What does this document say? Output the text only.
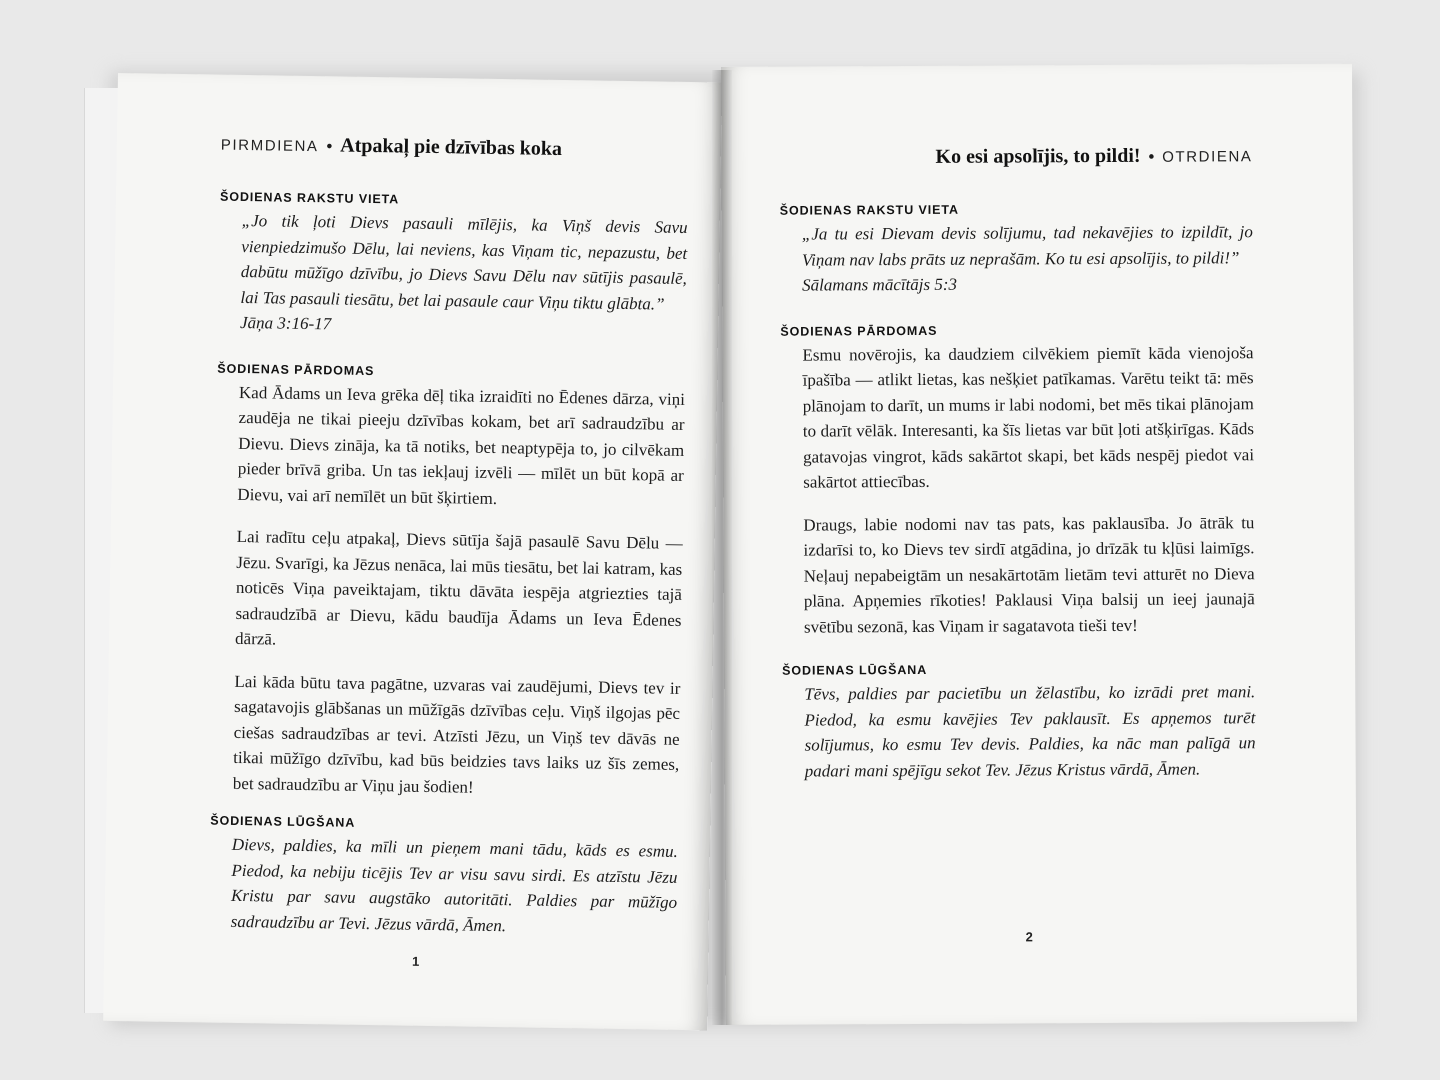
PIRMDIENA • Atpakaļ pie dzīvības koka
ŠODIENAS RAKSTU VIETA
„Jo tik ļoti Dievs pasauli mīlējis, ka Viņš devis Savu vienpiedzimušo Dēlu, lai neviens, kas Viņam tic, nepazustu, bet dabūtu mūžīgo dzīvību, jo Dievs Savu Dēlu nav sūtījis pasaulē, lai Tas pasauli tiesātu, bet lai pasaule caur Viņu tiktu glābta.”
Jāņa 3:16-17
ŠODIENAS PĀRDOMAS

Kad Ādams un Ieva grēka dēļ tika izraidīti no Ēdenes dārza, viņi zaudēja ne tikai pieeju dzīvības kokam, bet arī sadraudzību ar Dievu. Dievs zināja, ka tā notiks, bet neaptурēja to, jo cilvēkam pieder brīvā griba. Un tas iekļauj izvēli — mīlēt un būt kopā ar Dievu, vai arī nemīlēt un būt šķirtiem.

Lai radītu ceļu atpakaļ, Dievs sūtīja šajā pasaulē Savu Dēlu — Jēzu. Svarīgi, ka Jēzus nenāca, lai mūs tiesātu, bet lai katram, kas noticēs Viņa paveiktajam, tiktu dāvāta iespēja atgriezties tajā sadraudzībā ar Dievu, kādu baudīja Ādams un Ieva Ēdenes dārzā.

Lai kāda būtu tava pagātne, uzvaras vai zaudējumi, Dievs tev ir sagatavojis glābšanas un mūžīgās dzīvības ceļu. Viņš ilgojas pēc ciešas sadraudzības ar tevi. Atzīsti Jēzu, un Viņš tev dāvās ne tikai mūžīgo dzīvību, kad būs beidzies tavs laiks uz šīs zemes, bet sadraudzību ar Viņu jau šodien!

ŠODIENAS LŪGŠANA
Dievs, paldies, ka mīli un pieņem mani tādu, kāds es esmu. Piedod, ka nebiju ticējis Tev ar visu savu sirdi. Es atzīstu Jēzu Kristu par savu augstāko autoritāti. Paldies par mūžīgo sadraudzību ar Tevi. Jēzus vārdā, Āmen.
1
Ko esi apsolījis, to pildi! • OTRDIENA
ŠODIENAS RAKSTU VIETA
„Ja tu esi Dievam devis solījumu, tad nekavējies to izpildīt, jo Viņam nav labs prāts uz neprašām. Ko tu esi apsolījis, to pildi!”
Sālamans mācītājs 5:3
ŠODIENAS PĀRDOMAS

Esmu novērojis, ka daudziem cilvēkiem piemīt kāda vienojoša īpašība — atlikt lietas, kas nešķiet patīkamas. Varētu teikt tā: mēs plānojam to darīt, un mums ir labi nodomi, bet mēs tikai plānojam to darīt vēlāk. Interesanti, ka šīs lietas var būt ļoti atšķirīgas. Kāds gatavojas vingrot, kāds sakārtot skapi, bet kāds nespēj piedot vai sakārtot attiecības.

Draugs, labie nodomi nav tas pats, kas paklausība. Jo ātrāk tu izdarīsi to, ko Dievs tev sirdī atgādina, jo drīzāk tu kļūsi laimīgs. Neļauj nepabeigtām un nesakārtotām lietām tevi atturēt no Dieva plāna. Apņemies rīkoties! Paklausi Viņa balsij un ieej jaunajā svētību sezonā, kas Viņam ir sagatavota tieši tev!

ŠODIENAS LŪGŠANA
Tēvs, paldies par pacietību un žēlastību, ko izrādi pret mani. Piedod, ka esmu kavējies Tev paklausīt. Es apņemos turēt solījumus, ko esmu Tev devis. Paldies, ka nāc man palīgā un padari mani spējīgu sekot Tev. Jēzus Kristus vārdā, Āmen.
2
